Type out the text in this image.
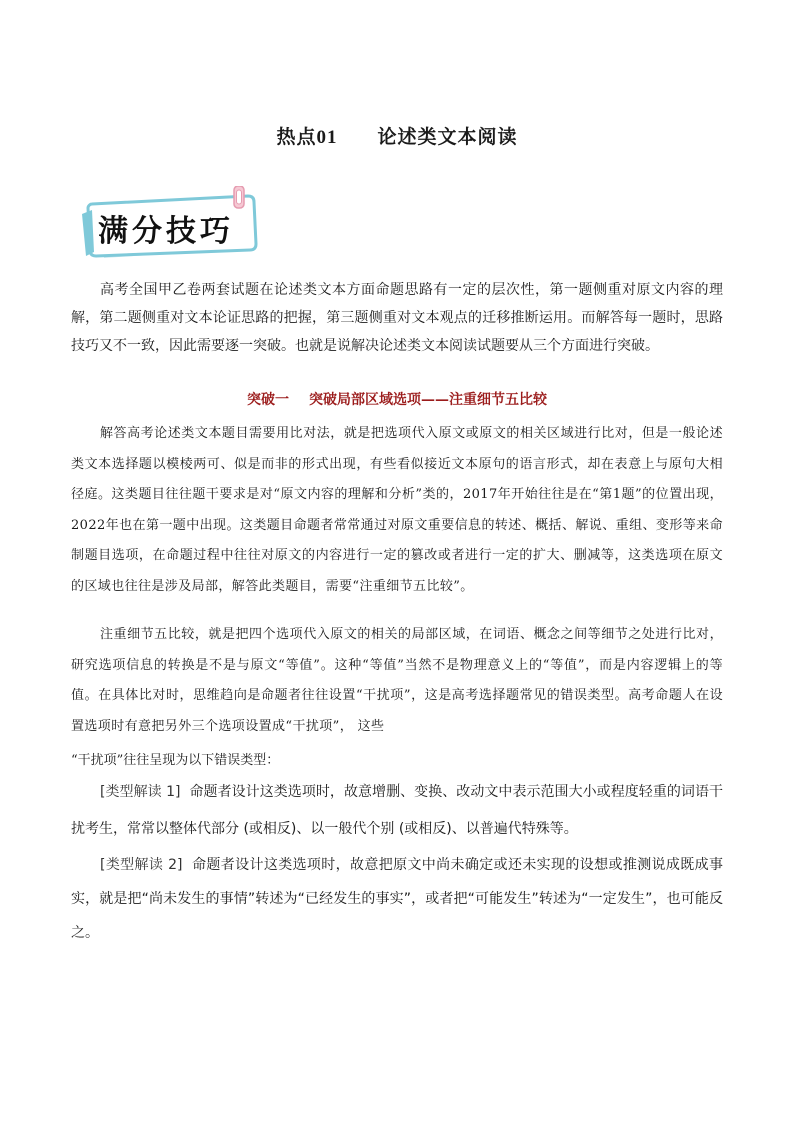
热点01 论述类文本阅读
满分技巧

高考全国甲乙卷两套试题在论述类文本方面命题思路有一定的层次性，第一题侧重对原文内容的理解，第二题侧重对文本论证思路的把握，第三题侧重对文本观点的迁移推断运用。而解答每一题时，思路技巧又不一致，因此需要逐一突破。也就是说解决论述类文本阅读试题要从三个方面进行突破。

突破一 突破局部区域选项——注重细节五比较

解答高考论述类文本题目需要用比对法，就是把选项代入原文或原文的相关区域进行比对，但是一般论述类文本选择题以模棱两可、似是而非的形式出现，有些看似接近文本原句的语言形式，却在表意上与原句大相径庭。这类题目往往题干要求是对“原文内容的理解和分析”类的，2017年开始往往是在“第1题”的位置出现，2022年也在第一题中出现。这类题目命题者常常通过对原文重要信息的转述、概括、解说、重组、变形等来命制题目选项，在命题过程中往往对原文的内容进行一定的篡改或者进行一定的扩大、删减等，这类选项在原文的区域也往往是涉及局部，解答此类题目，需要“注重细节五比较”。

注重细节五比较，就是把四个选项代入原文的相关的局部区域，在词语、概念之间等细节之处进行比对，研究选项信息的转换是不是与原文“等值”。这种“等值”当然不是物理意义上的“等值”，而是内容逻辑上的等值。在具体比对时，思维趋向是命题者往往设置“干扰项”，这是高考选择题常见的错误类型。高考命题人在设置选项时有意把另外三个选项设置成“干扰项”， 这些

“干扰项”往往呈现为以下错误类型：

[类型解读 1] 命题者设计这类选项时，故意增删、变换、改动文中表示范围大小或程度轻重的词语干扰考生，常常以整体代部分 (或相反)、以一般代个别 (或相反)、以普遍代特殊等。

[类型解读 2] 命题者设计这类选项时，故意把原文中尚未确定或还未实现的设想或推测说成既成事实，就是把“尚未发生的事情”转述为“已经发生的事实”，或者把“可能发生”转述为“一定发生”，也可能反之。
